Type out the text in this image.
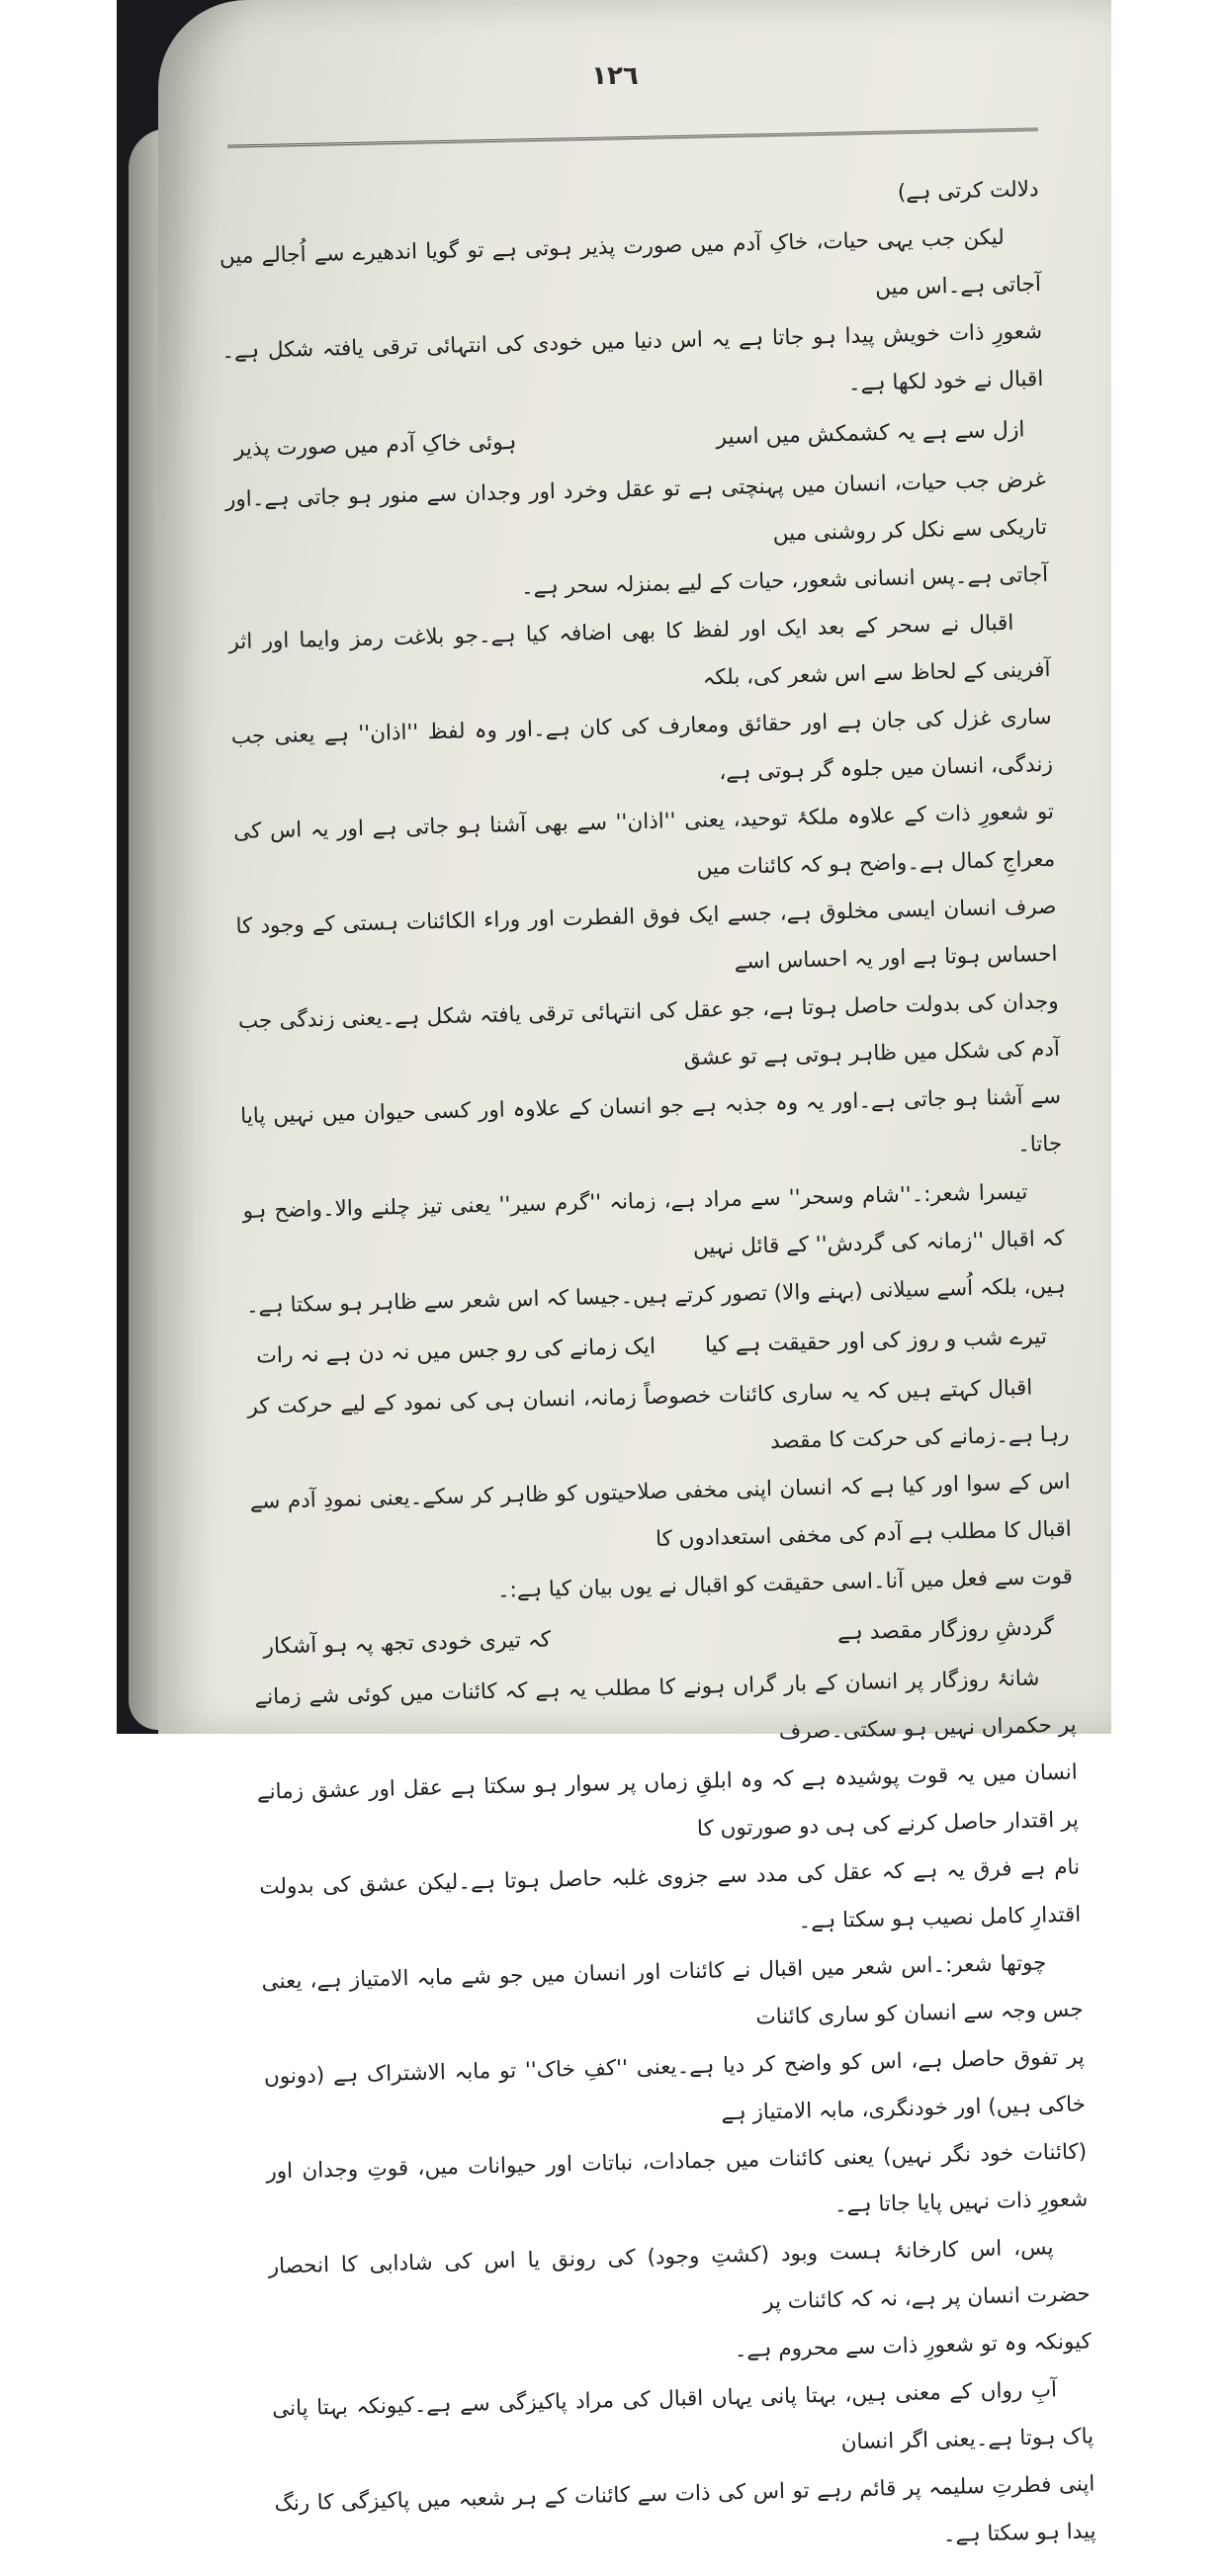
١٢٦

دلالت کرتی ہے)

لیکن جب یہی حیات، خاکِ آدم میں صورت پذیر ہوتی ہے تو گویا اندھیرے سے اُجالے میں آجاتی ہے۔اس میں

شعورِ ذات خویش پیدا ہو جاتا ہے یہ اس دنیا میں خودی کی انتہائی ترقی یافتہ شکل ہے۔اقبال نے خود لکھا ہے۔

ازل سے ہے یہ کشمکش میں اسیر
ہوئی خاکِ آدم میں صورت پذیر

غرض جب حیات، انسان میں پہنچتی ہے تو عقل وخرد اور وجدان سے منور ہو جاتی ہے۔اور تاریکی سے نکل کر روشنی میں

آجاتی ہے۔پس انسانی شعور، حیات کے لیے بمنزلہ سحر ہے۔

اقبال نے سحر کے بعد ایک اور لفظ کا بھی اضافہ کیا ہے۔جو بلاغت رمز وایما اور اثر آفرینی کے لحاظ سے اس شعر کی، بلکہ

ساری غزل کی جان ہے اور حقائق ومعارف کی کان ہے۔اور وہ لفظ ''اذان'' ہے یعنی جب زندگی، انسان میں جلوہ گر ہوتی ہے،

تو شعورِ ذات کے علاوہ ملکۂ توحید، یعنی ''اذان'' سے بھی آشنا ہو جاتی ہے اور یہ اس کی معراجِ کمال ہے۔واضح ہو کہ کائنات میں

صرف انسان ایسی مخلوق ہے، جسے ایک فوق الفطرت اور وراء الکائنات ہستی کے وجود کا احساس ہوتا ہے اور یہ احساس اسے

وجدان کی بدولت حاصل ہوتا ہے، جو عقل کی انتہائی ترقی یافتہ شکل ہے۔یعنی زندگی جب آدم کی شکل میں ظاہر ہوتی ہے تو عشق

سے آشنا ہو جاتی ہے۔اور یہ وہ جذبہ ہے جو انسان کے علاوہ اور کسی حیوان میں نہیں پایا جاتا۔

تیسرا شعر:۔''شام وسحر'' سے مراد ہے، زمانہ ''گرم سیر'' یعنی تیز چلنے والا۔واضح ہو کہ اقبال ''زمانہ کی گردش'' کے قائل نہیں

ہیں، بلکہ اُسے سیلانی (بہنے والا) تصور کرتے ہیں۔جیسا کہ اس شعر سے ظاہر ہو سکتا ہے۔

تیرے شب و روز کی اور حقیقت ہے کیا
ایک زمانے کی رو جس میں نہ دن ہے نہ رات

اقبال کہتے ہیں کہ یہ ساری کائنات خصوصاً زمانہ، انسان ہی کی نمود کے لیے حرکت کر رہا ہے۔زمانے کی حرکت کا مقصد

اس کے سوا اور کیا ہے کہ انسان اپنی مخفی صلاحیتوں کو ظاہر کر سکے۔یعنی نمودِ آدم سے اقبال کا مطلب ہے آدم کی مخفی استعدادوں کا

قوت سے فعل میں آنا۔اسی حقیقت کو اقبال نے یوں بیان کیا ہے:۔

گردشِ روزگار مقصد ہے
کہ تیری خودی تجھ پہ ہو آشکار

شانۂ روزگار پر انسان کے بار گراں ہونے کا مطلب یہ ہے کہ کائنات میں کوئی شے زمانے پر حکمراں نہیں ہو سکتی۔صرف

انسان میں یہ قوت پوشیدہ ہے کہ وہ ابلقِ زماں پر سوار ہو سکتا ہے عقل اور عشق زمانے پر اقتدار حاصل کرنے کی ہی دو صورتوں کا

نام ہے فرق یہ ہے کہ عقل کی مدد سے جزوی غلبہ حاصل ہوتا ہے۔لیکن عشق کی بدولت اقتدارِ کامل نصیب ہو سکتا ہے۔

چوتھا شعر:۔اس شعر میں اقبال نے کائنات اور انسان میں جو شے مابہ الامتیاز ہے، یعنی جس وجہ سے انسان کو ساری کائنات

پر تفوق حاصل ہے، اس کو واضح کر دیا ہے۔یعنی ''کفِ خاک'' تو مابہ الاشتراک ہے (دونوں خاکی ہیں) اور خودنگری، مابہ الامتیاز ہے

(کائنات خود نگر نہیں) یعنی کائنات میں جمادات، نباتات اور حیوانات میں، قوتِ وجدان اور شعورِ ذات نہیں پایا جاتا ہے۔

پس، اس کارخانۂ ہست وبود (کشتِ وجود) کی رونق یا اس کی شادابی کا انحصار حضرت انسان پر ہے، نہ کہ کائنات پر

کیونکہ وہ تو شعورِ ذات سے محروم ہے۔

آبِ رواں کے معنی ہیں، بہتا پانی یہاں اقبال کی مراد پاکیزگی سے ہے۔کیونکہ بہتا پانی پاک ہوتا ہے۔یعنی اگر انسان

اپنی فطرتِ سلیمہ پر قائم رہے تو اس کی ذات سے کائنات کے ہر شعبہ میں پاکیزگی کا رنگ پیدا ہو سکتا ہے۔
